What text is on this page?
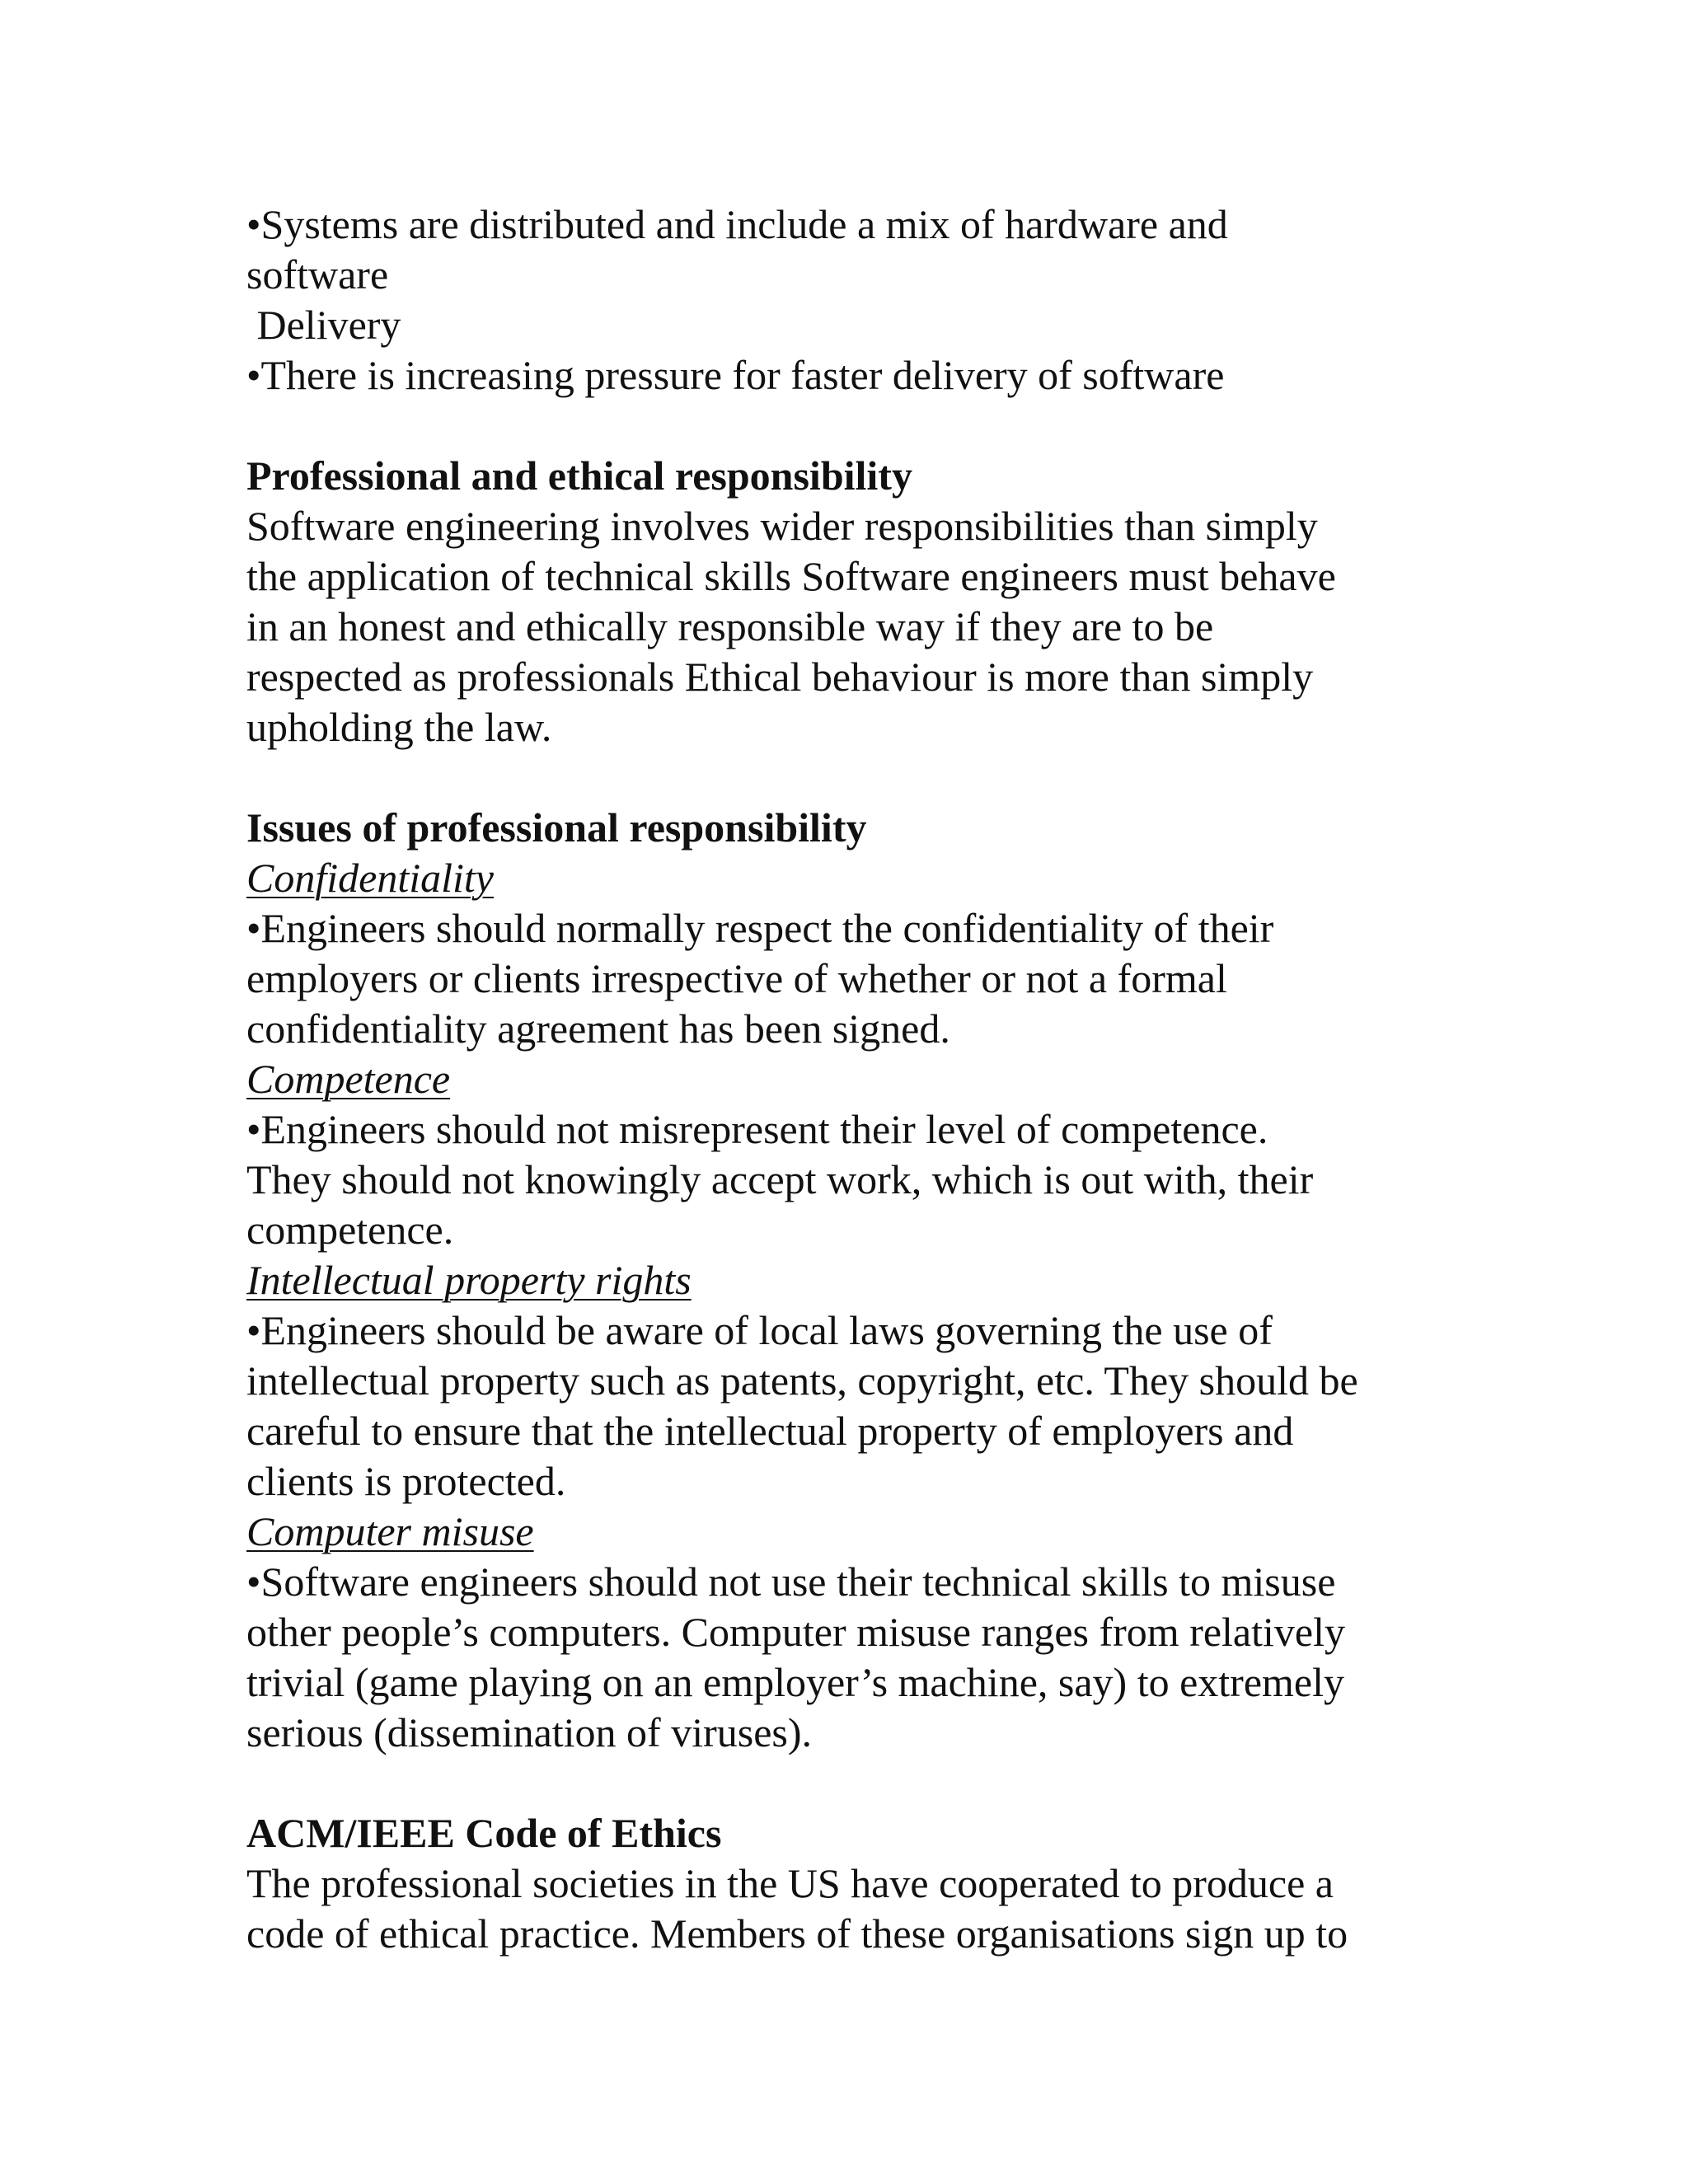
•Systems are distributed and include a mix of hardware and
software
Delivery
•There is increasing pressure for faster delivery of software
Professional and ethical responsibility
Software engineering involves wider responsibilities than simply
the application of technical skills Software engineers must behave
in an honest and ethically responsible way if they are to be
respected as professionals Ethical behaviour is more than simply
upholding the law.
Issues of professional responsibility
Confidentiality
•Engineers should normally respect the confidentiality of their
employers or clients irrespective of whether or not a formal
confidentiality agreement has been signed.
Competence
•Engineers should not misrepresent their level of competence.
They should not knowingly accept work, which is out with, their
competence.
Intellectual property rights
•Engineers should be aware of local laws governing the use of
intellectual property such as patents, copyright, etc. They should be
careful to ensure that the intellectual property of employers and
clients is protected.
Computer misuse
•Software engineers should not use their technical skills to misuse
other people’s computers. Computer misuse ranges from relatively
trivial (game playing on an employer’s machine, say) to extremely
serious (dissemination of viruses).
ACM/IEEE Code of Ethics
The professional societies in the US have cooperated to produce a
code of ethical practice. Members of these organisations sign up to
